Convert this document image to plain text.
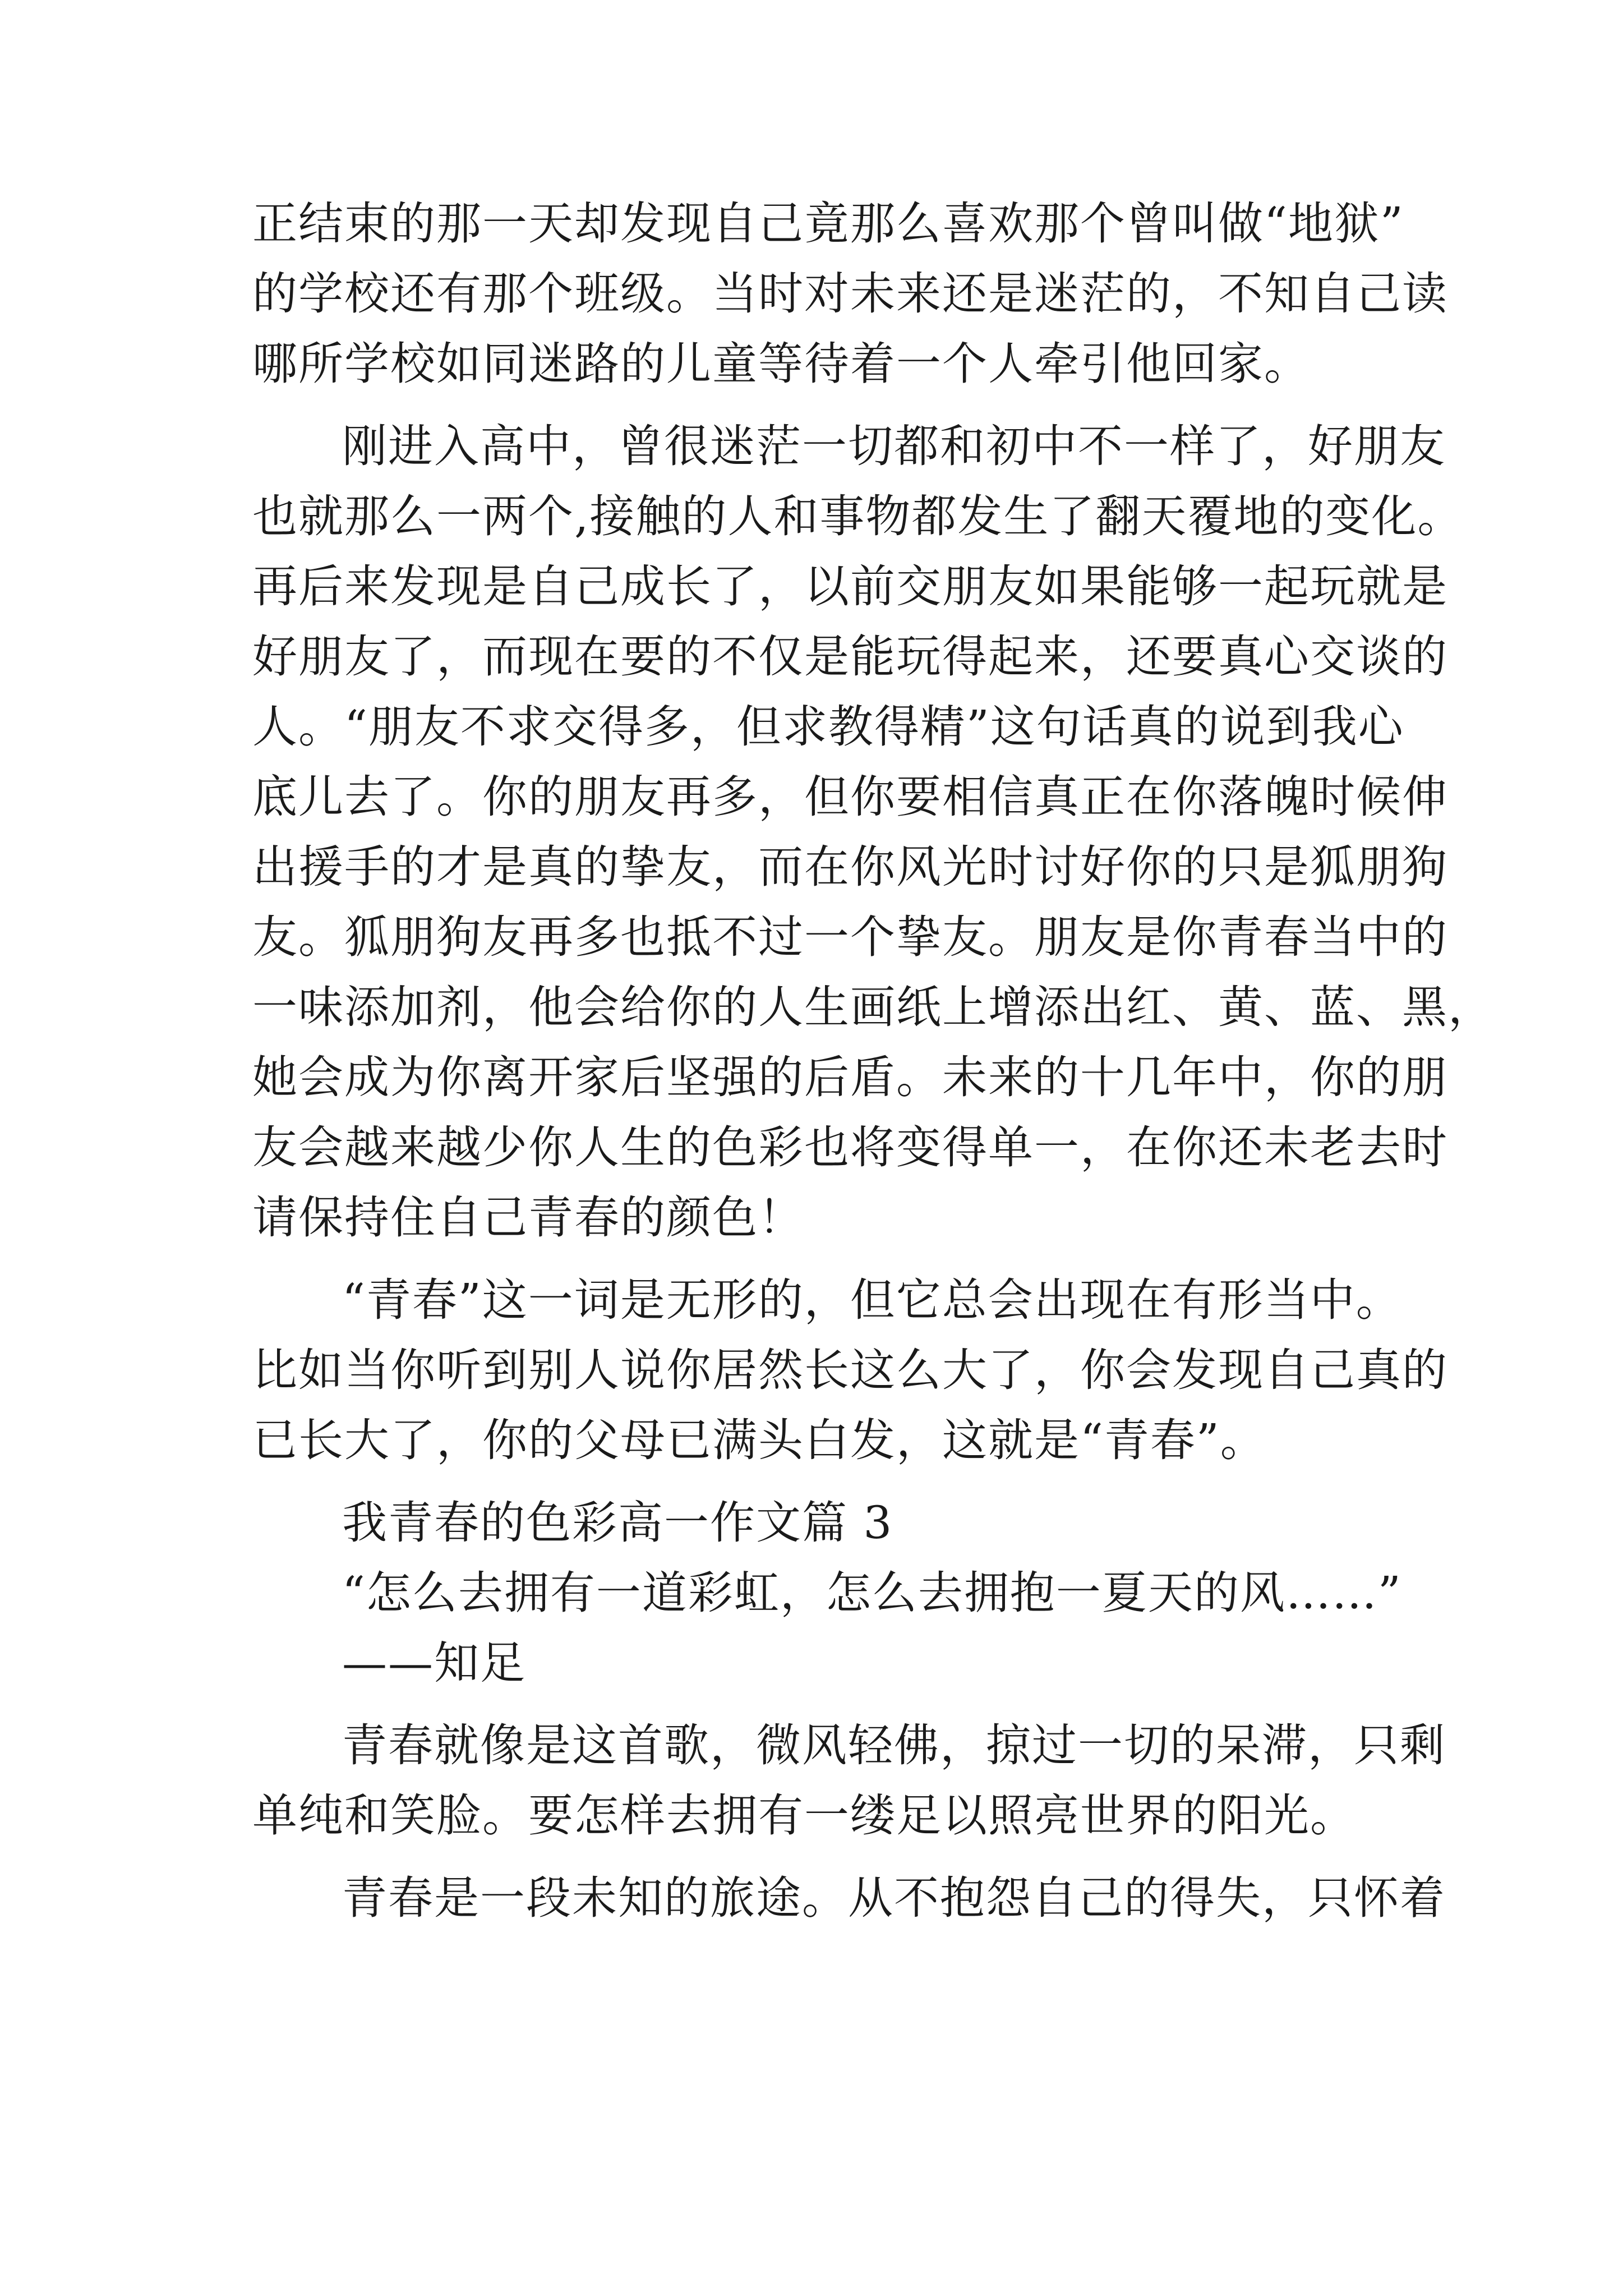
正结束的那一天却发现自己竟那么喜欢那个曾叫做“地狱”
的学校还有那个班级。当时对未来还是迷茫的，不知自己读
哪所学校如同迷路的儿童等待着一个人牵引他回家。
刚进入高中，曾很迷茫一切都和初中不一样了，好朋友
也就那么一两个,接触的人和事物都发生了翻天覆地的变化。
再后来发现是自己成长了，以前交朋友如果能够一起玩就是
好朋友了，而现在要的不仅是能玩得起来，还要真心交谈的
人。“朋友不求交得多，但求教得精”这句话真的说到我心
底儿去了。你的朋友再多，但你要相信真正在你落魄时候伸
出援手的才是真的挚友，而在你风光时讨好你的只是狐朋狗
友。狐朋狗友再多也抵不过一个挚友。朋友是你青春当中的
一味添加剂，他会给你的人生画纸上增添出红、黄、蓝、黑，
她会成为你离开家后坚强的后盾。未来的十几年中，你的朋
友会越来越少你人生的色彩也将变得单一，在你还未老去时
请保持住自己青春的颜色！
“青春”这一词是无形的，但它总会出现在有形当中。
比如当你听到别人说你居然长这么大了，你会发现自己真的
已长大了，你的父母已满头白发，这就是“青春”。
我青春的色彩高一作文篇 3
“怎么去拥有一道彩虹，怎么去拥抱一夏天的风……”
——知足
青春就像是这首歌，微风轻佛，掠过一切的呆滞，只剩
单纯和笑脸。要怎样去拥有一缕足以照亮世界的阳光。
青春是一段未知的旅途。从不抱怨自己的得失，只怀着
